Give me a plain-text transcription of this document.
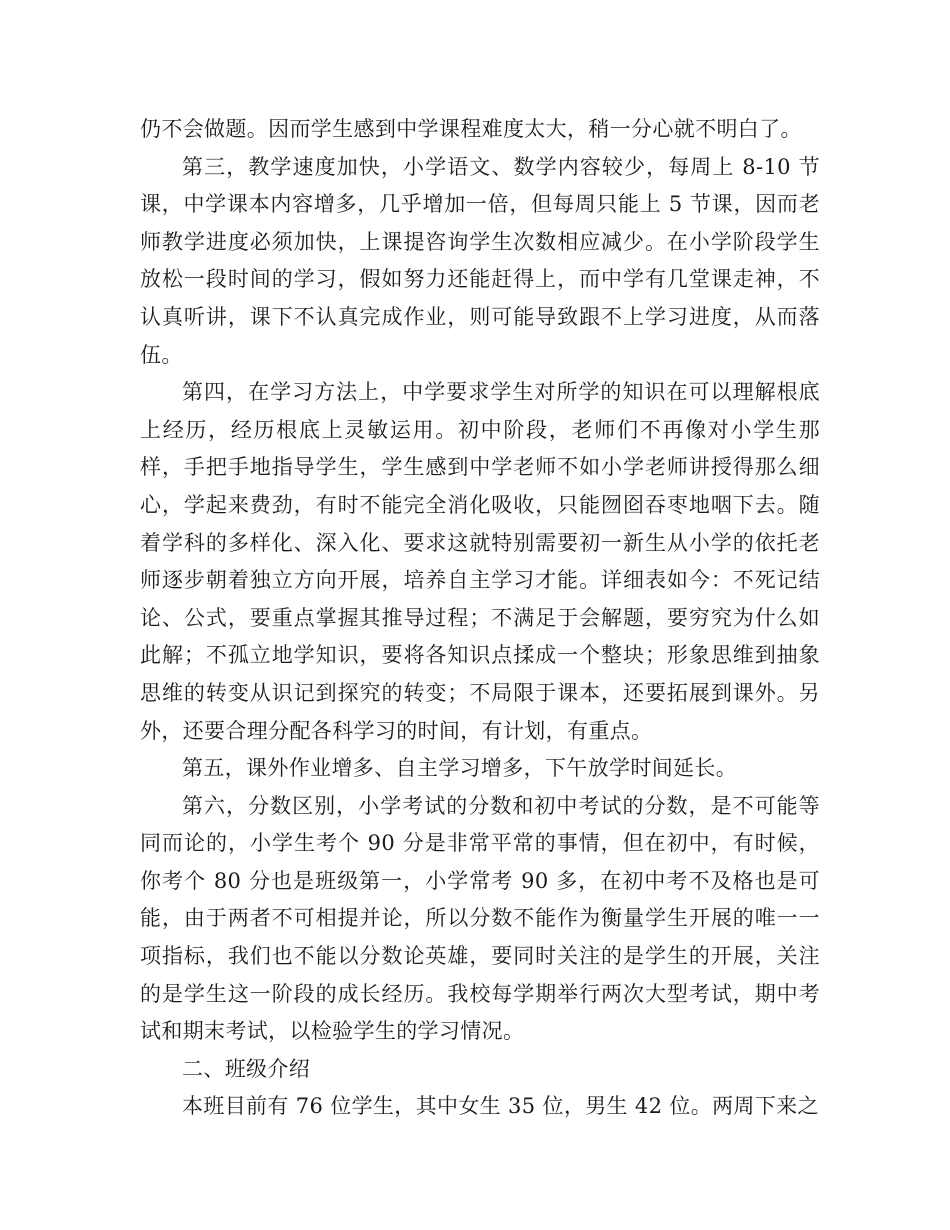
仍不会做题。因而学生感到中学课程难度太大，稍一分心就不明白了。

第三，教学速度加快，小学语文、数学内容较少，每周上 8-10 节课，中学课本内容增多，几乎增加一倍，但每周只能上 5 节课，因而老师教学进度必须加快，上课提咨询学生次数相应减少。在小学阶段学生放松一段时间的学习，假如努力还能赶得上，而中学有几堂课走神，不认真听讲，课下不认真完成作业，则可能导致跟不上学习进度，从而落伍。

第四，在学习方法上，中学要求学生对所学的知识在可以理解根底上经历，经历根底上灵敏运用。初中阶段，老师们不再像对小学生那样，手把手地指导学生，学生感到中学老师不如小学老师讲授得那么细心，学起来费劲，有时不能完全消化吸收，只能囫囵吞枣地咽下去。随着学科的多样化、深入化、要求这就特别需要初一新生从小学的依托老师逐步朝着独立方向开展，培养自主学习才能。详细表如今：不死记结论、公式，要重点掌握其推导过程；不满足于会解题，要穷究为什么如此解；不孤立地学知识，要将各知识点揉成一个整块；形象思维到抽象思维的转变从识记到探究的转变；不局限于课本，还要拓展到课外。另外，还要合理分配各科学习的时间，有计划，有重点。

第五，课外作业增多、自主学习增多，下午放学时间延长。

第六，分数区别，小学考试的分数和初中考试的分数，是不可能等同而论的，小学生考个 90 分是非常平常的事情，但在初中，有时候，你考个 80 分也是班级第一，小学常考 90 多，在初中考不及格也是可能，由于两者不可相提并论，所以分数不能作为衡量学生开展的唯一一项指标，我们也不能以分数论英雄，要同时关注的是学生的开展，关注的是学生这一阶段的成长经历。我校每学期举行两次大型考试，期中考试和期末考试，以检验学生的学习情况。

二、班级介绍

本班目前有 76 位学生，其中女生 35 位，男生 42 位。两周下来之
